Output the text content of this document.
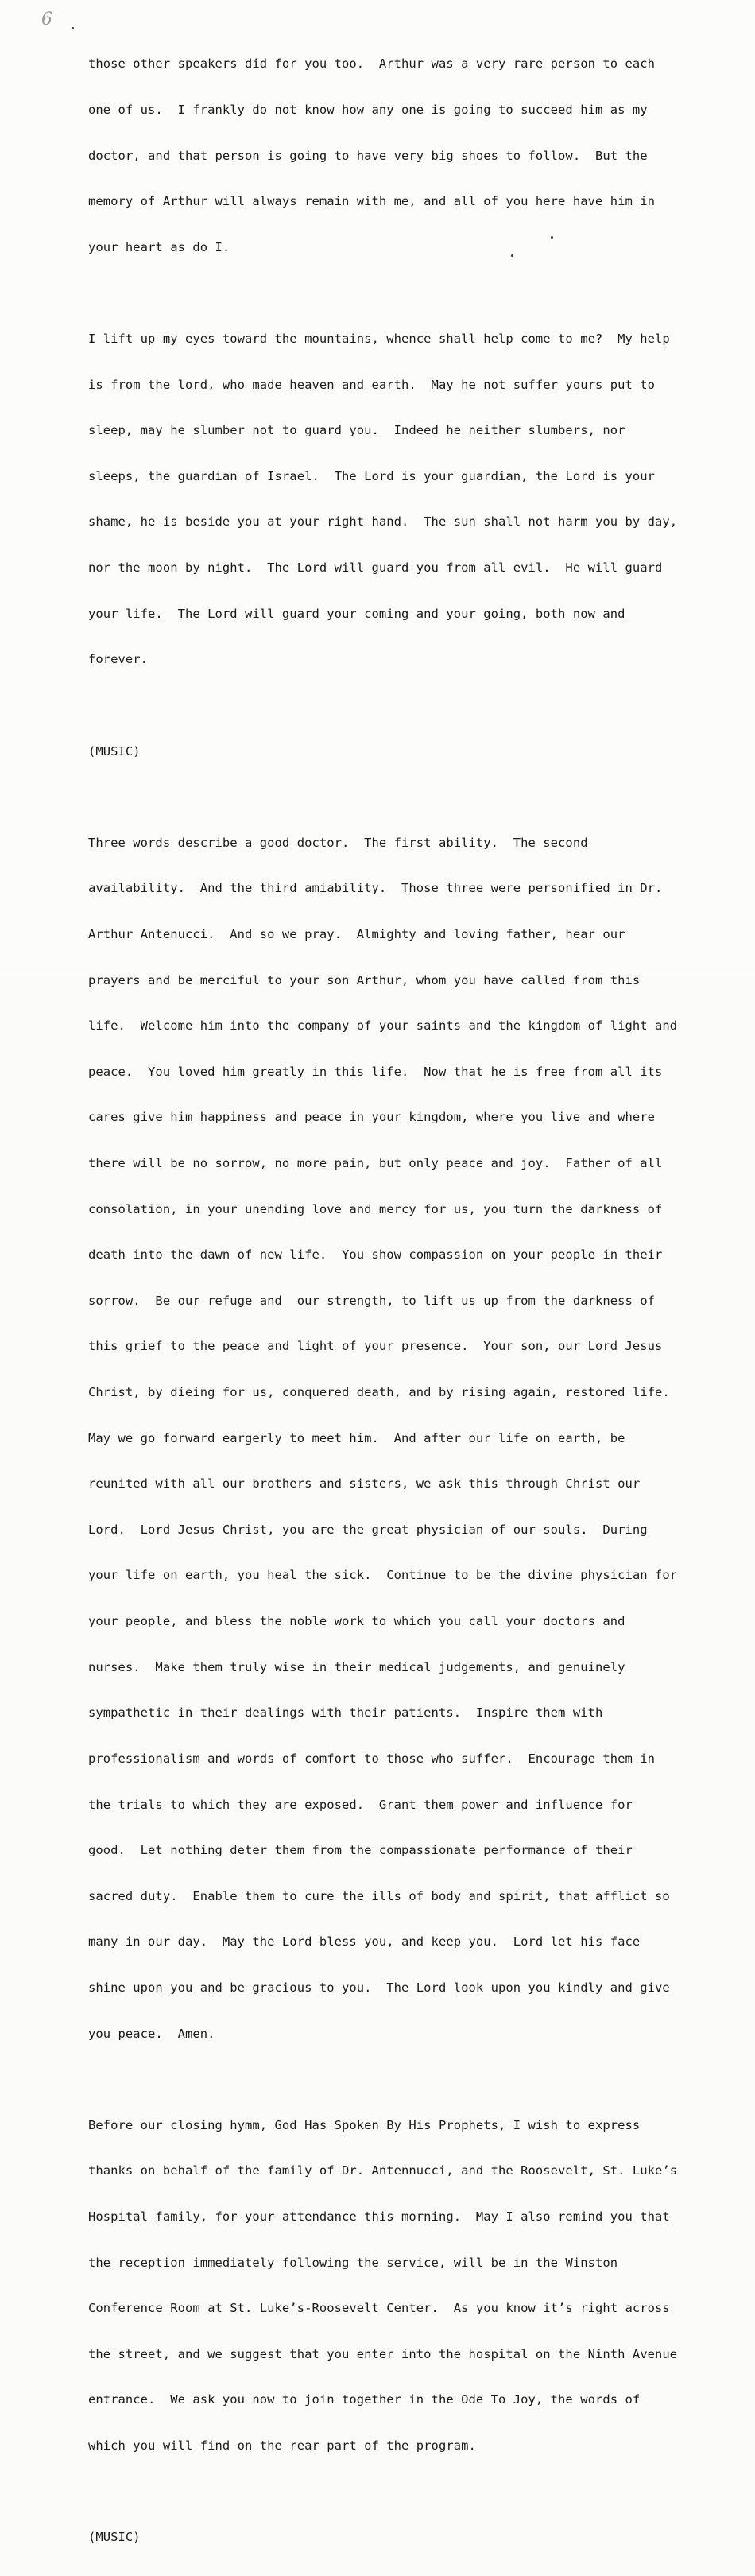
6

those other speakers did for you too.  Arthur was a very rare person to each

one of us.  I frankly do not know how any one is going to succeed him as my

doctor, and that person is going to have very big shoes to follow.  But the

memory of Arthur will always remain with me, and all of you here have him in

your heart as do I.

I lift up my eyes toward the mountains, whence shall help come to me?  My help

is from the lord, who made heaven and earth.  May he not suffer yours put to

sleep, may he slumber not to guard you.  Indeed he neither slumbers, nor

sleeps, the guardian of Israel.  The Lord is your guardian, the Lord is your

shame, he is beside you at your right hand.  The sun shall not harm you by day,

nor the moon by night.  The Lord will guard you from all evil.  He will guard

your life.  The Lord will guard your coming and your going, both now and

forever.

(MUSIC)

Three words describe a good doctor.  The first ability.  The second

availability.  And the third amiability.  Those three were personified in Dr.

Arthur Antenucci.  And so we pray.  Almighty and loving father, hear our

prayers and be merciful to your son Arthur, whom you have called from this

life.  Welcome him into the company of your saints and the kingdom of light and

peace.  You loved him greatly in this life.  Now that he is free from all its

cares give him happiness and peace in your kingdom, where you live and where

there will be no sorrow, no more pain, but only peace and joy.  Father of all

consolation, in your unending love and mercy for us, you turn the darkness of

death into the dawn of new life.  You show compassion on your people in their

sorrow.  Be our refuge and  our strength, to lift us up from the darkness of

this grief to the peace and light of your presence.  Your son, our Lord Jesus

Christ, by dieing for us, conquered death, and by rising again, restored life.

May we go forward eargerly to meet him.  And after our life on earth, be

reunited with all our brothers and sisters, we ask this through Christ our

Lord.  Lord Jesus Christ, you are the great physician of our souls.  During

your life on earth, you heal the sick.  Continue to be the divine physician for

your people, and bless the noble work to which you call your doctors and

nurses.  Make them truly wise in their medical judgements, and genuinely

sympathetic in their dealings with their patients.  Inspire them with

professionalism and words of comfort to those who suffer.  Encourage them in

the trials to which they are exposed.  Grant them power and influence for

good.  Let nothing deter them from the compassionate performance of their

sacred duty.  Enable them to cure the ills of body and spirit, that afflict so

many in our day.  May the Lord bless you, and keep you.  Lord let his face

shine upon you and be gracious to you.  The Lord look upon you kindly and give

you peace.  Amen.

Before our closing hymm, God Has Spoken By His Prophets, I wish to express

thanks on behalf of the family of Dr. Antennucci, and the Roosevelt, St. Luke’s

Hospital family, for your attendance this morning.  May I also remind you that

the reception immediately following the service, will be in the Winston

Conference Room at St. Luke’s-Roosevelt Center.  As you know it’s right across

the street, and we suggest that you enter into the hospital on the Ninth Avenue

entrance.  We ask you now to join together in the Ode To Joy, the words of

which you will find on the rear part of the program.

(MUSIC)
